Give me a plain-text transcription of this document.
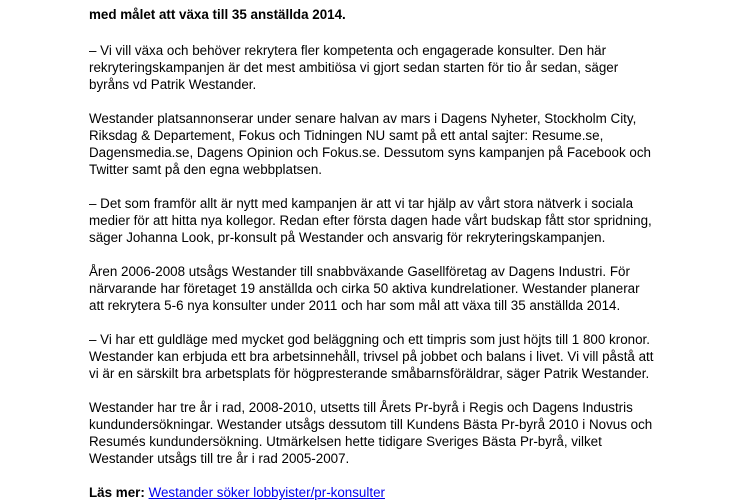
med målet att växa till 35 anställda 2014.
– Vi vill växa och behöver rekrytera fler kompetenta och engagerade konsulter. Den här
rekryteringskampanjen är det mest ambitiösa vi gjort sedan starten för tio år sedan, säger
byråns vd Patrik Westander.
Westander platsannonserar under senare halvan av mars i Dagens Nyheter, Stockholm City,
Riksdag & Departement, Fokus och Tidningen NU samt på ett antal sajter: Resume.se,
Dagensmedia.se, Dagens Opinion och Fokus.se. Dessutom syns kampanjen på Facebook och
Twitter samt på den egna webbplatsen.
– Det som framför allt är nytt med kampanjen är att vi tar hjälp av vårt stora nätverk i sociala
medier för att hitta nya kollegor. Redan efter första dagen hade vårt budskap fått stor spridning,
säger Johanna Look, pr-konsult på Westander och ansvarig för rekryteringskampanjen.
Åren 2006-2008 utsågs Westander till snabbväxande Gasellföretag av Dagens Industri. För
närvarande har företaget 19 anställda och cirka 50 aktiva kundrelationer. Westander planerar
att rekrytera 5-6 nya konsulter under 2011 och har som mål att växa till 35 anställda 2014.
– Vi har ett guldläge med mycket god beläggning och ett timpris som just höjts till 1 800 kronor.
Westander kan erbjuda ett bra arbetsinnehåll, trivsel på jobbet och balans i livet. Vi vill påstå att
vi är en särskilt bra arbetsplats för högpresterande småbarnsföräldrar, säger Patrik Westander.
Westander har tre år i rad, 2008-2010, utsetts till Årets Pr-byrå i Regis och Dagens Industris
kundundersökningar. Westander utsågs dessutom till Kundens Bästa Pr-byrå 2010 i Novus och
Resumés kundundersökning. Utmärkelsen hette tidigare Sveriges Bästa Pr-byrå, vilket
Westander utsågs till tre år i rad 2005-2007.
Läs mer: Westander söker lobbyister/pr-konsulter
